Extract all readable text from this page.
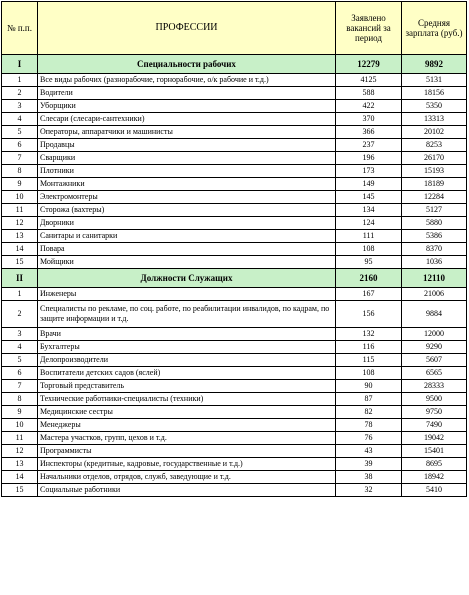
№ п.п.	ПРОФЕССИИ	Заявлено вакансий за период	Средняя зарплата (руб.)
I	Специальности рабочих	12279	9892
1	Все виды рабочих (разнорабочие, горнорабочие, о/к рабочие и т.д.)	4125	5131
2	Водители	588	18156
3	Уборщики	422	5350
4	Слесари (слесари-сантехники)	370	13313
5	Операторы, аппаратчики и машинисты	366	20102
6	Продавцы	237	8253
7	Сварщики	196	26170
8	Плотники	173	15193
9	Монтажники	149	18189
10	Электромонтеры	145	12284
11	Сторожа (вахтеры)	134	5127
12	Дворники	124	5880
13	Санитары и санитарки	111	5386
14	Повара	108	8370
15	Мойщики	95	1036
II	Должности Служащих	2160	12110
1	Инженеры	167	21006
2	Специалисты по рекламе, по соц. работе, по реабилитации инвалидов, по кадрам, по защите информации и т.д.	156	9884
3	Врачи	132	12000
4	Бухгалтеры	116	9290
5	Делопроизводители	115	5607
6	Воспитатели детских садов (яслей)	108	6565
7	Торговый представитель	90	28333
8	Технические работники-специалисты (техники)	87	9500
9	Медицинские сестры	82	9750
10	Менеджеры	78	7490
11	Мастера участков, групп, цехов и т.д.	76	19042
12	Программисты	43	15401
13	Инспекторы (кредитные, кадровые, государственные и т.д.)	39	8695
14	Начальники отделов, отрядов, служб, заведующие и т.д.	38	18942
15	Социальные работники	32	5410
